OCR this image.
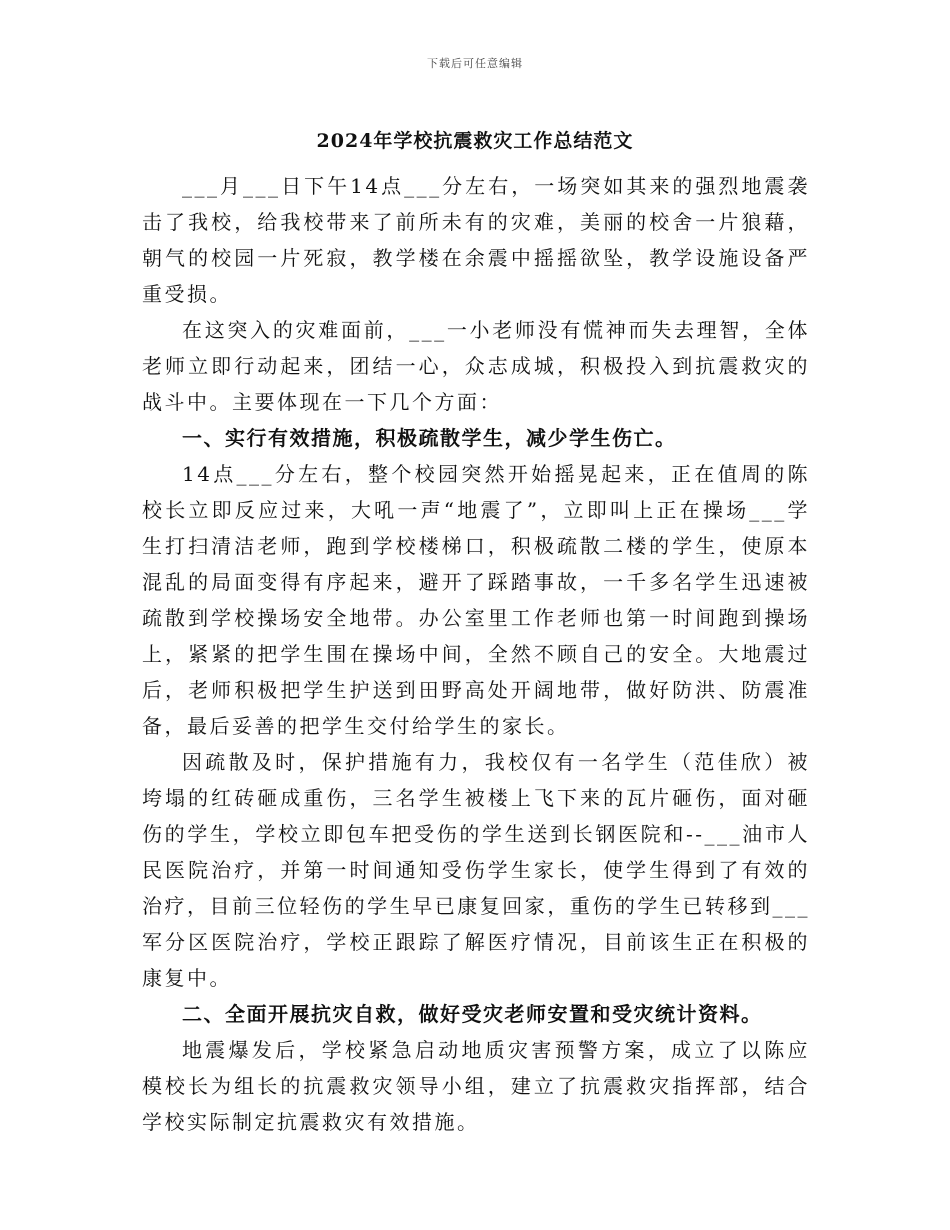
下载后可任意编辑
2024年学校抗震救灾工作总结范文

___月___日下午14点___分左右，一场突如其来的强烈地震袭击了我校，给我校带来了前所未有的灾难，美丽的校舍一片狼藉，朝气的校园一片死寂，教学楼在余震中摇摇欲坠，教学设施设备严重受损。

在这突入的灾难面前，___一小老师没有慌神而失去理智，全体老师立即行动起来，团结一心，众志成城，积极投入到抗震救灾的战斗中。主要体现在一下几个方面：

一、实行有效措施，积极疏散学生，减少学生伤亡。

14点___分左右，整个校园突然开始摇晃起来，正在值周的陈校长立即反应过来，大吼一声“地震了”，立即叫上正在操场___学生打扫清洁老师，跑到学校楼梯口，积极疏散二楼的学生，使原本混乱的局面变得有序起来，避开了踩踏事故，一千多名学生迅速被疏散到学校操场安全地带。办公室里工作老师也第一时间跑到操场上，紧紧的把学生围在操场中间，全然不顾自己的安全。大地震过后，老师积极把学生护送到田野高处开阔地带，做好防洪、防震准备，最后妥善的把学生交付给学生的家长。

因疏散及时，保护措施有力，我校仅有一名学生（范佳欣）被垮塌的红砖砸成重伤，三名学生被楼上飞下来的瓦片砸伤，面对砸伤的学生，学校立即包车把受伤的学生送到长钢医院和--___油市人民医院治疗，并第一时间通知受伤学生家长，使学生得到了有效的治疗，目前三位轻伤的学生早已康复回家，重伤的学生已转移到___军分区医院治疗，学校正跟踪了解医疗情况，目前该生正在积极的康复中。

二、全面开展抗灾自救，做好受灾老师安置和受灾统计资料。

地震爆发后，学校紧急启动地质灾害预警方案，成立了以陈应模校长为组长的抗震救灾领导小组，建立了抗震救灾指挥部，结合学校实际制定抗震救灾有效措施。
